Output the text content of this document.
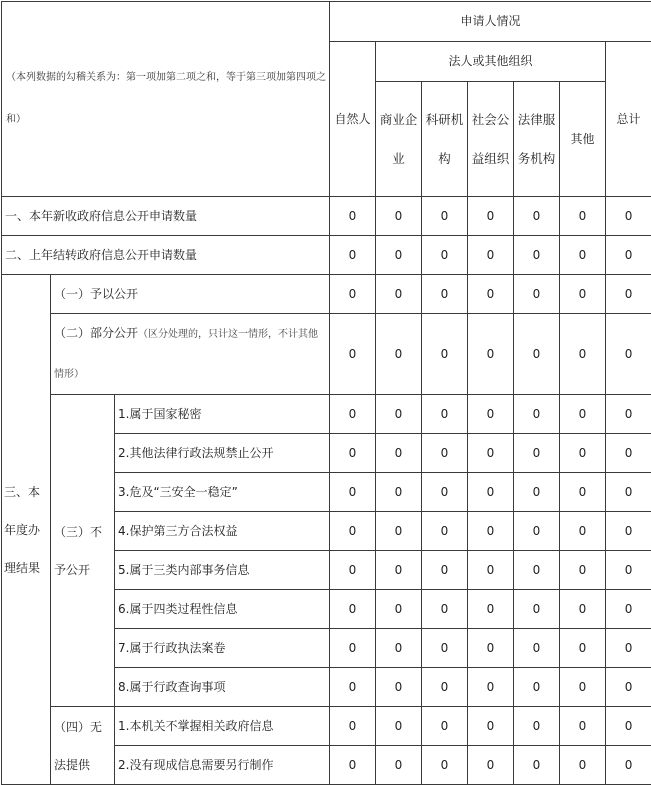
（本列数据的勾稽关系为：第一项加第二项之和，等于第三项加第四项之和）			申请人情况						
			自然人	法人或其他组织					总计
				商业企业	科研机构	社会公益组织	法律服务机构	其他	
一、本年新收政府信息公开申请数量			0	0	0	0	0	0	0
二、上年结转政府信息公开申请数量			0	0	0	0	0	0	0
三、本年度办理结果	（一）予以公开		0	0	0	0	0	0	0
	（二）部分公开（区分处理的，只计这一情形，不计其他情形）		0	0	0	0	0	0	0
	（三）不予公开	1.属于国家秘密	0	0	0	0	0	0	0
		2.其他法律行政法规禁止公开	0	0	0	0	0	0	0
		3.危及“三安全一稳定”	0	0	0	0	0	0	0
		4.保护第三方合法权益	0	0	0	0	0	0	0
		5.属于三类内部事务信息	0	0	0	0	0	0	0
		6.属于四类过程性信息	0	0	0	0	0	0	0
		7.属于行政执法案卷	0	0	0	0	0	0	0
		8.属于行政查询事项	0	0	0	0	0	0	0
	（四）无法提供	1.本机关不掌握相关政府信息	0	0	0	0	0	0	0
		2.没有现成信息需要另行制作	0	0	0	0	0	0	0
